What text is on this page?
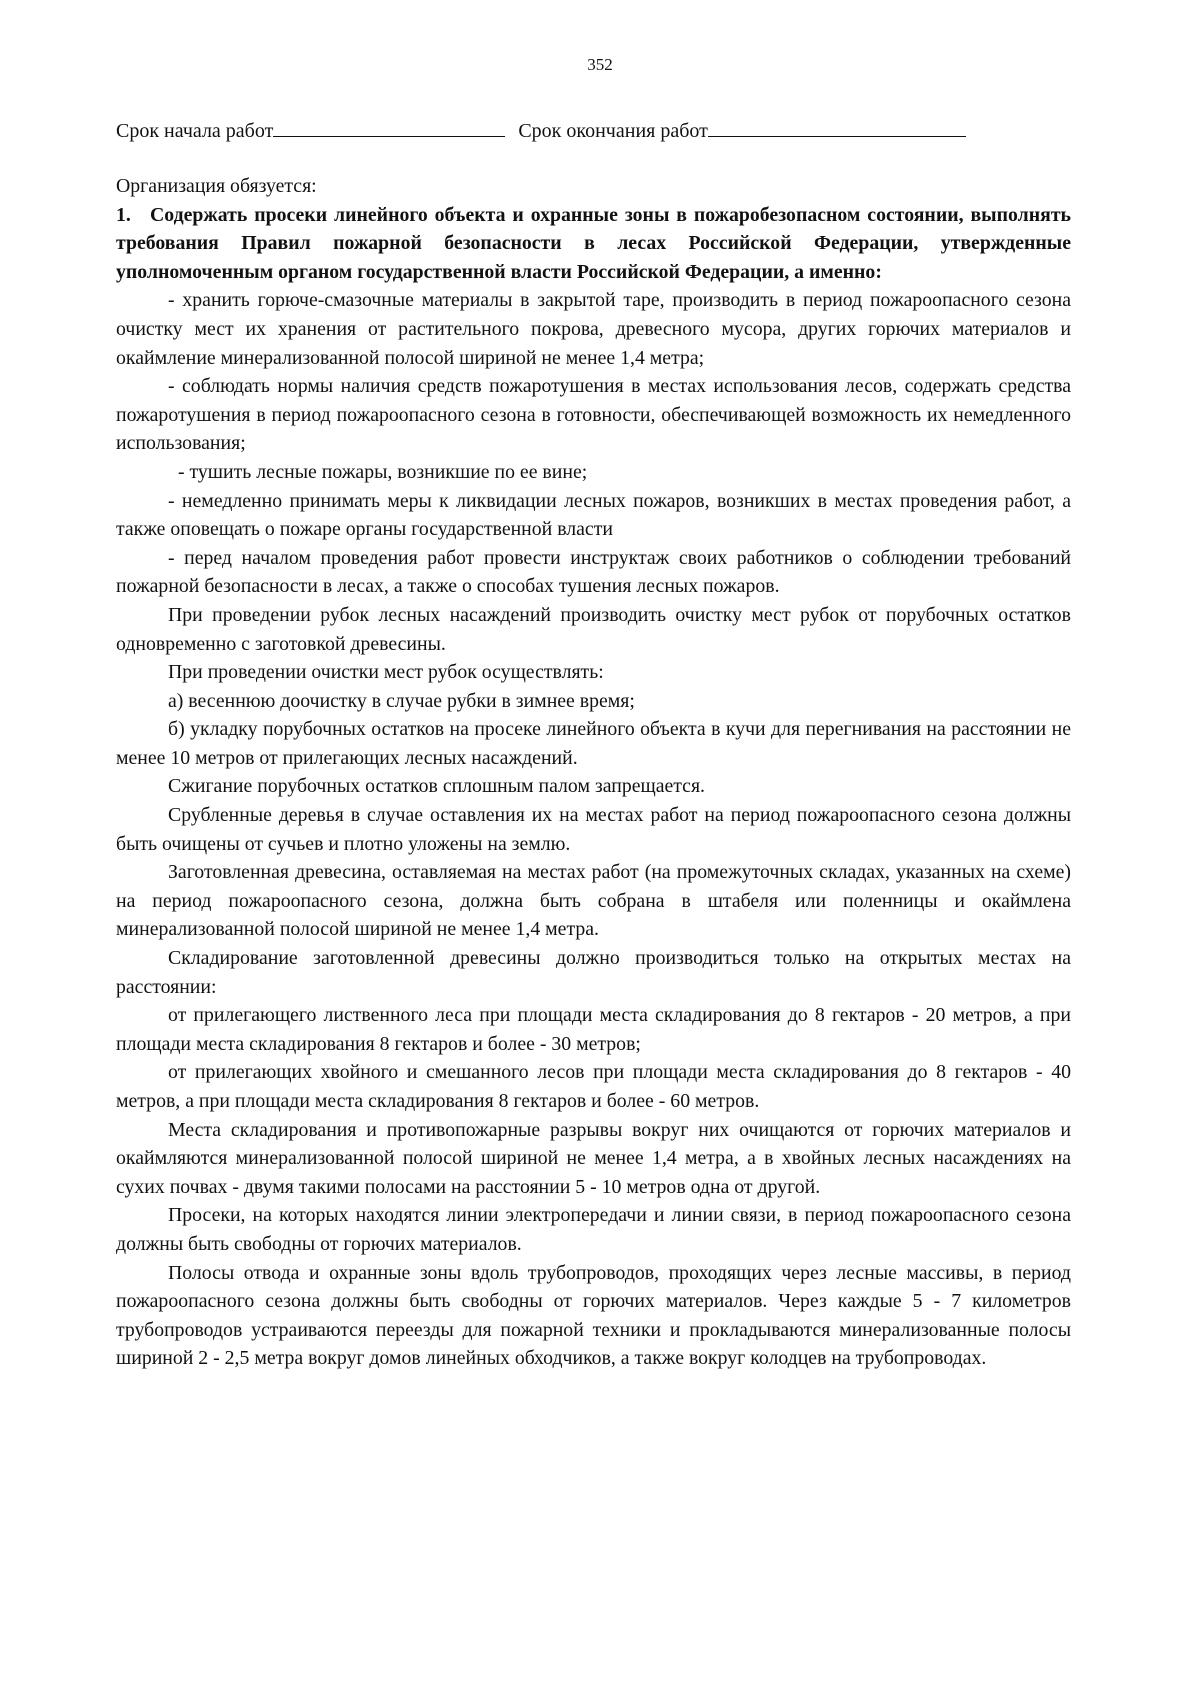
352
Срок начала работ	Срок окончания работ

Организация обязуется:

1. Содержать просеки линейного объекта и охранные зоны в пожаробезопасном состоянии, выполнять требования Правил пожарной безопасности в лесах Российской Федерации, утвержденные уполномоченным органом государственной власти Российской Федерации, а именно:

- хранить горюче-смазочные материалы в закрытой таре, производить в период пожароопасного сезона очистку мест их хранения от растительного покрова, древесного мусора, других горючих материалов и окаймление минерализованной полосой шириной не менее 1,4 метра;

- соблюдать нормы наличия средств пожаротушения в местах использования лесов, содержать средства пожаротушения в период пожароопасного сезона в готовности, обеспечивающей возможность их немедленного использования;

- тушить лесные пожары, возникшие по ее вине;

- немедленно принимать меры к ликвидации лесных пожаров, возникших в местах проведения работ, а также оповещать о пожаре органы государственной власти

- перед началом проведения работ провести инструктаж своих работников о соблюдении требований пожарной безопасности в лесах, а также о способах тушения лесных пожаров.

При проведении рубок лесных насаждений производить очистку мест рубок от порубочных остатков одновременно с заготовкой древесины.

При проведении очистки мест рубок осуществлять:

а) весеннюю доочистку в случае рубки в зимнее время;

б) укладку порубочных остатков на просеке линейного объекта в кучи для перегнивания на расстоянии не менее 10 метров от прилегающих лесных насаждений.

Сжигание порубочных остатков сплошным палом запрещается.

Срубленные деревья в случае оставления их на местах работ на период пожароопасного сезона должны быть очищены от сучьев и плотно уложены на землю.

Заготовленная древесина, оставляемая на местах работ (на промежуточных складах, указанных на схеме) на период пожароопасного сезона, должна быть собрана в штабеля или поленницы и окаймлена минерализованной полосой шириной не менее 1,4 метра.

Складирование заготовленной древесины должно производиться только на открытых местах на расстоянии:

от прилегающего лиственного леса при площади места складирования до 8 гектаров - 20 метров, а при площади места складирования 8 гектаров и более - 30 метров;

от прилегающих хвойного и смешанного лесов при площади места складирования до 8 гектаров - 40 метров, а при площади места складирования 8 гектаров и более - 60 метров.

Места складирования и противопожарные разрывы вокруг них очищаются от горючих материалов и окаймляются минерализованной полосой шириной не менее 1,4 метра, а в хвойных лесных насаждениях на сухих почвах - двумя такими полосами на расстоянии 5 - 10 метров одна от другой.

Просеки, на которых находятся линии электропередачи и линии связи, в период пожароопасного сезона должны быть свободны от горючих материалов.

Полосы отвода и охранные зоны вдоль трубопроводов, проходящих через лесные массивы, в период пожароопасного сезона должны быть свободны от горючих материалов. Через каждые 5 - 7 километров трубопроводов устраиваются переезды для пожарной техники и прокладываются минерализованные полосы шириной 2 - 2,5 метра вокруг домов линейных обходчиков, а также вокруг колодцев на трубопроводах.
